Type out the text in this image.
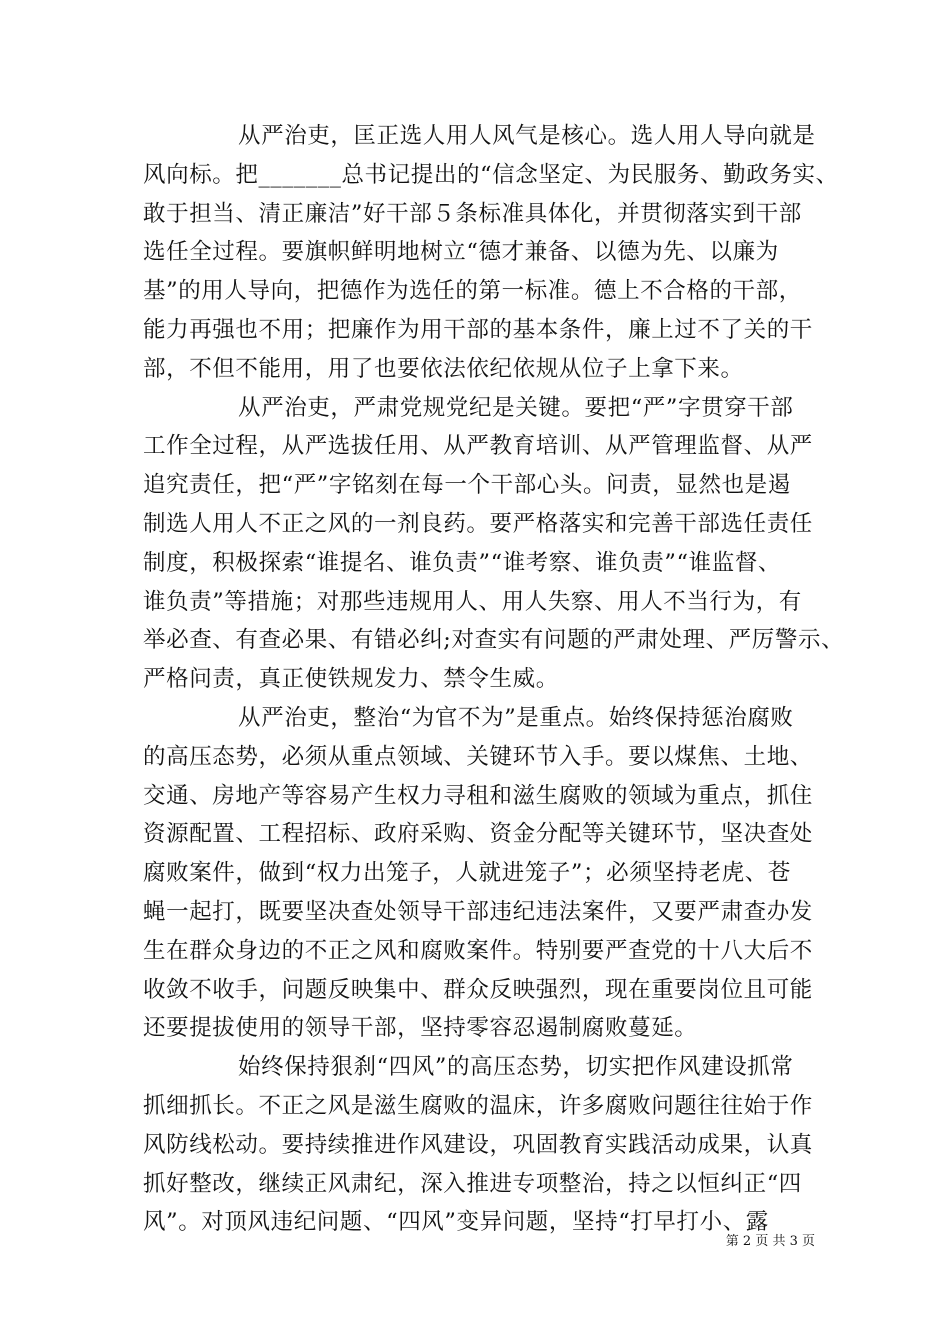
从严治吏，匡正选人用人风气是核心。选人用人导向就是
风向标。把_______总书记提出的“信念坚定、为民服务、勤政务实、
敢于担当、清正廉洁”好干部５条标准具体化，并贯彻落实到干部
选任全过程。要旗帜鲜明地树立“德才兼备、以德为先、以廉为
基”的用人导向，把德作为选任的第一标准。德上不合格的干部，
能力再强也不用；把廉作为用干部的基本条件，廉上过不了关的干
部，不但不能用，用了也要依法依纪依规从位子上拿下来。
从严治吏，严肃党规党纪是关键。要把“严”字贯穿干部
工作全过程，从严选拔任用、从严教育培训、从严管理监督、从严
追究责任，把“严”字铭刻在每一个干部心头。问责，显然也是遏
制选人用人不正之风的一剂良药。要严格落实和完善干部选任责任
制度，积极探索“谁提名、谁负责”“谁考察、谁负责”“谁监督、
谁负责”等措施；对那些违规用人、用人失察、用人不当行为，有
举必查、有查必果、有错必纠;对查实有问题的严肃处理、严厉警示、
严格问责，真正使铁规发力、禁令生威。
从严治吏，整治“为官不为”是重点。始终保持惩治腐败
的高压态势，必须从重点领域、关键环节入手。要以煤焦、土地、
交通、房地产等容易产生权力寻租和滋生腐败的领域为重点，抓住
资源配置、工程招标、政府采购、资金分配等关键环节，坚决查处
腐败案件，做到“权力出笼子，人就进笼子”；必须坚持老虎、苍
蝇一起打，既要坚决查处领导干部违纪违法案件，又要严肃查办发
生在群众身边的不正之风和腐败案件。特别要严查党的十八大后不
收敛不收手，问题反映集中、群众反映强烈，现在重要岗位且可能
还要提拔使用的领导干部，坚持零容忍遏制腐败蔓延。
始终保持狠刹“四风”的高压态势，切实把作风建设抓常
抓细抓长。不正之风是滋生腐败的温床，许多腐败问题往往始于作
风防线松动。要持续推进作风建设，巩固教育实践活动成果，认真
抓好整改，继续正风肃纪，深入推进专项整治，持之以恒纠正“四
风”。对顶风违纪问题、“四风”变异问题，坚持“打早打小、露
第 2 页 共 3 页
